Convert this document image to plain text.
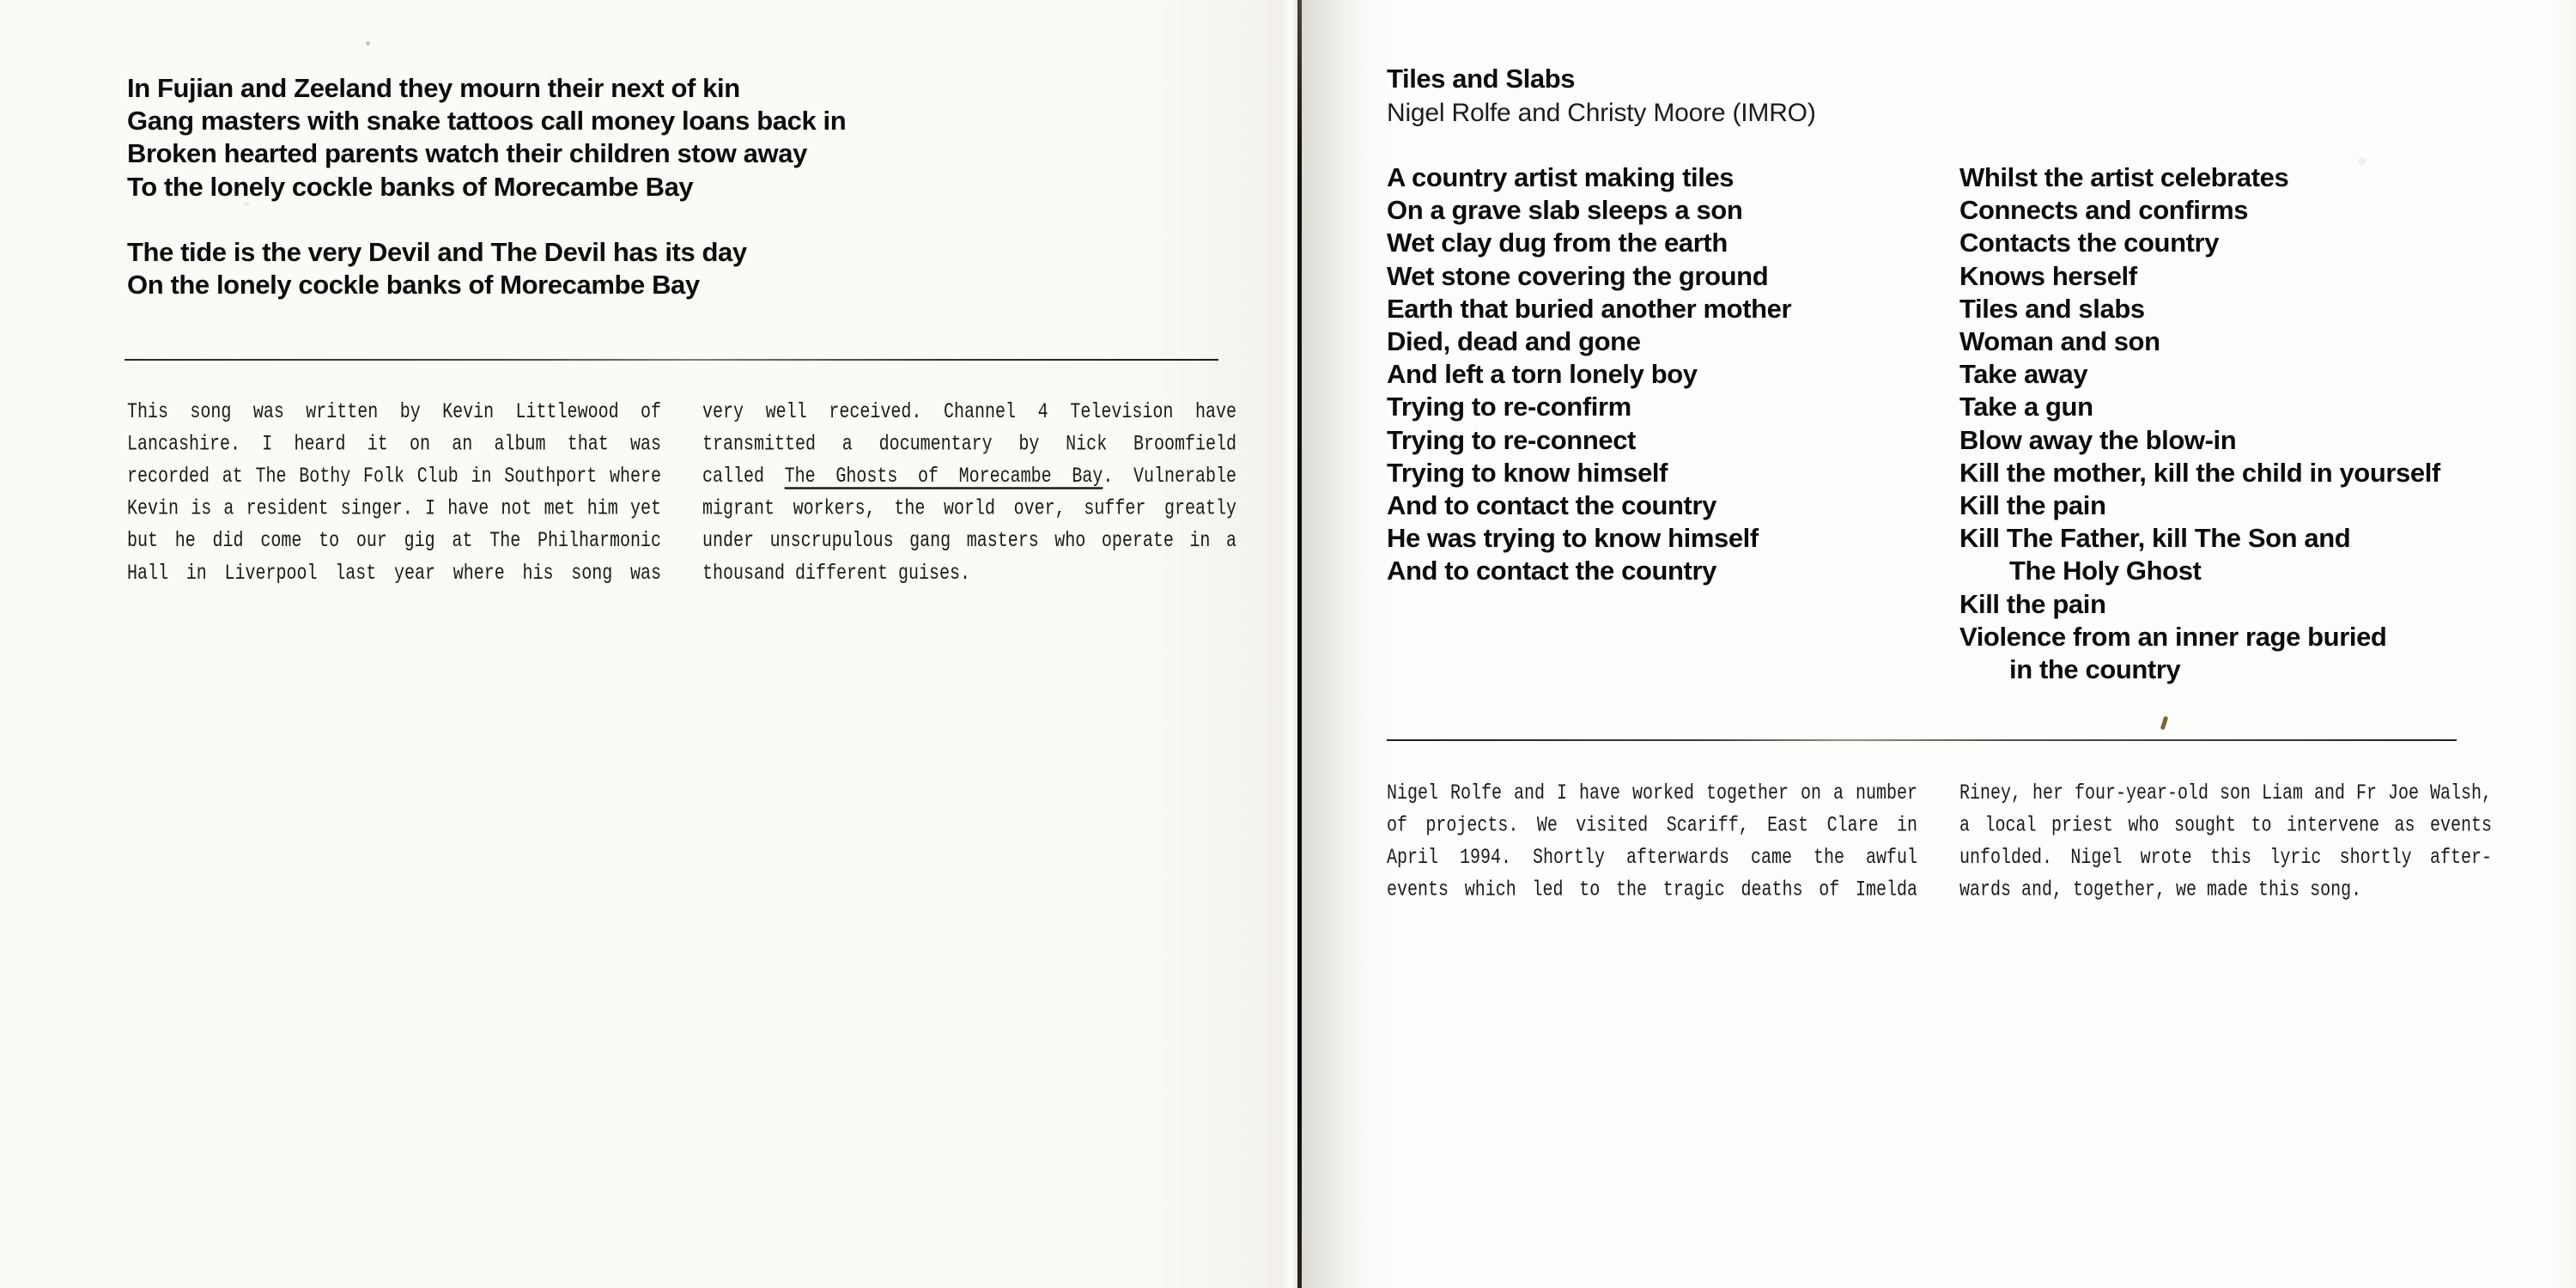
In Fujian and Zeeland they mourn their next of kin
Gang masters with snake tattoos call money loans back in
Broken hearted parents watch their children stow away
To the lonely cockle banks of Morecambe Bay
The tide is the very Devil and The Devil has its day
On the lonely cockle banks of Morecambe Bay
This song was written by Kevin Littlewood of
Lancashire. I heard it on an album that was
recorded at The Bothy Folk Club in Southport where
Kevin is a resident singer. I have not met him yet
but he did come to our gig at The Philharmonic
Hall in Liverpool last year where his song was
very well received. Channel 4 Television have
transmitted a documentary by Nick Broomfield
called The Ghosts of Morecambe Bay. Vulnerable
migrant workers, the world over, suffer greatly
under unscrupulous gang masters who operate in a
thousand different guises.
Tiles and Slabs
Nigel Rolfe and Christy Moore (IMRO)
A country artist making tiles
On a grave slab sleeps a son
Wet clay dug from the earth
Wet stone covering the ground
Earth that buried another mother
Died, dead and gone
And left a torn lonely boy
Trying to re-confirm
Trying to re-connect
Trying to know himself
And to contact the country
He was trying to know himself
And to contact the country
Whilst the artist celebrates
Connects and confirms
Contacts the country
Knows herself
Tiles and slabs
Woman and son
Take away
Take a gun
Blow away the blow-in
Kill the mother, kill the child in yourself
Kill the pain
Kill The Father, kill The Son and
The Holy Ghost
Kill the pain
Violence from an inner rage buried
in the country
Nigel Rolfe and I have worked together on a number
of projects. We visited Scariff, East Clare in
April 1994. Shortly afterwards came the awful
events which led to the tragic deaths of Imelda
Riney, her four-year-old son Liam and Fr Joe Walsh,
a local priest who sought to intervene as events
unfolded. Nigel wrote this lyric shortly after-
wards and, together, we made this song.
